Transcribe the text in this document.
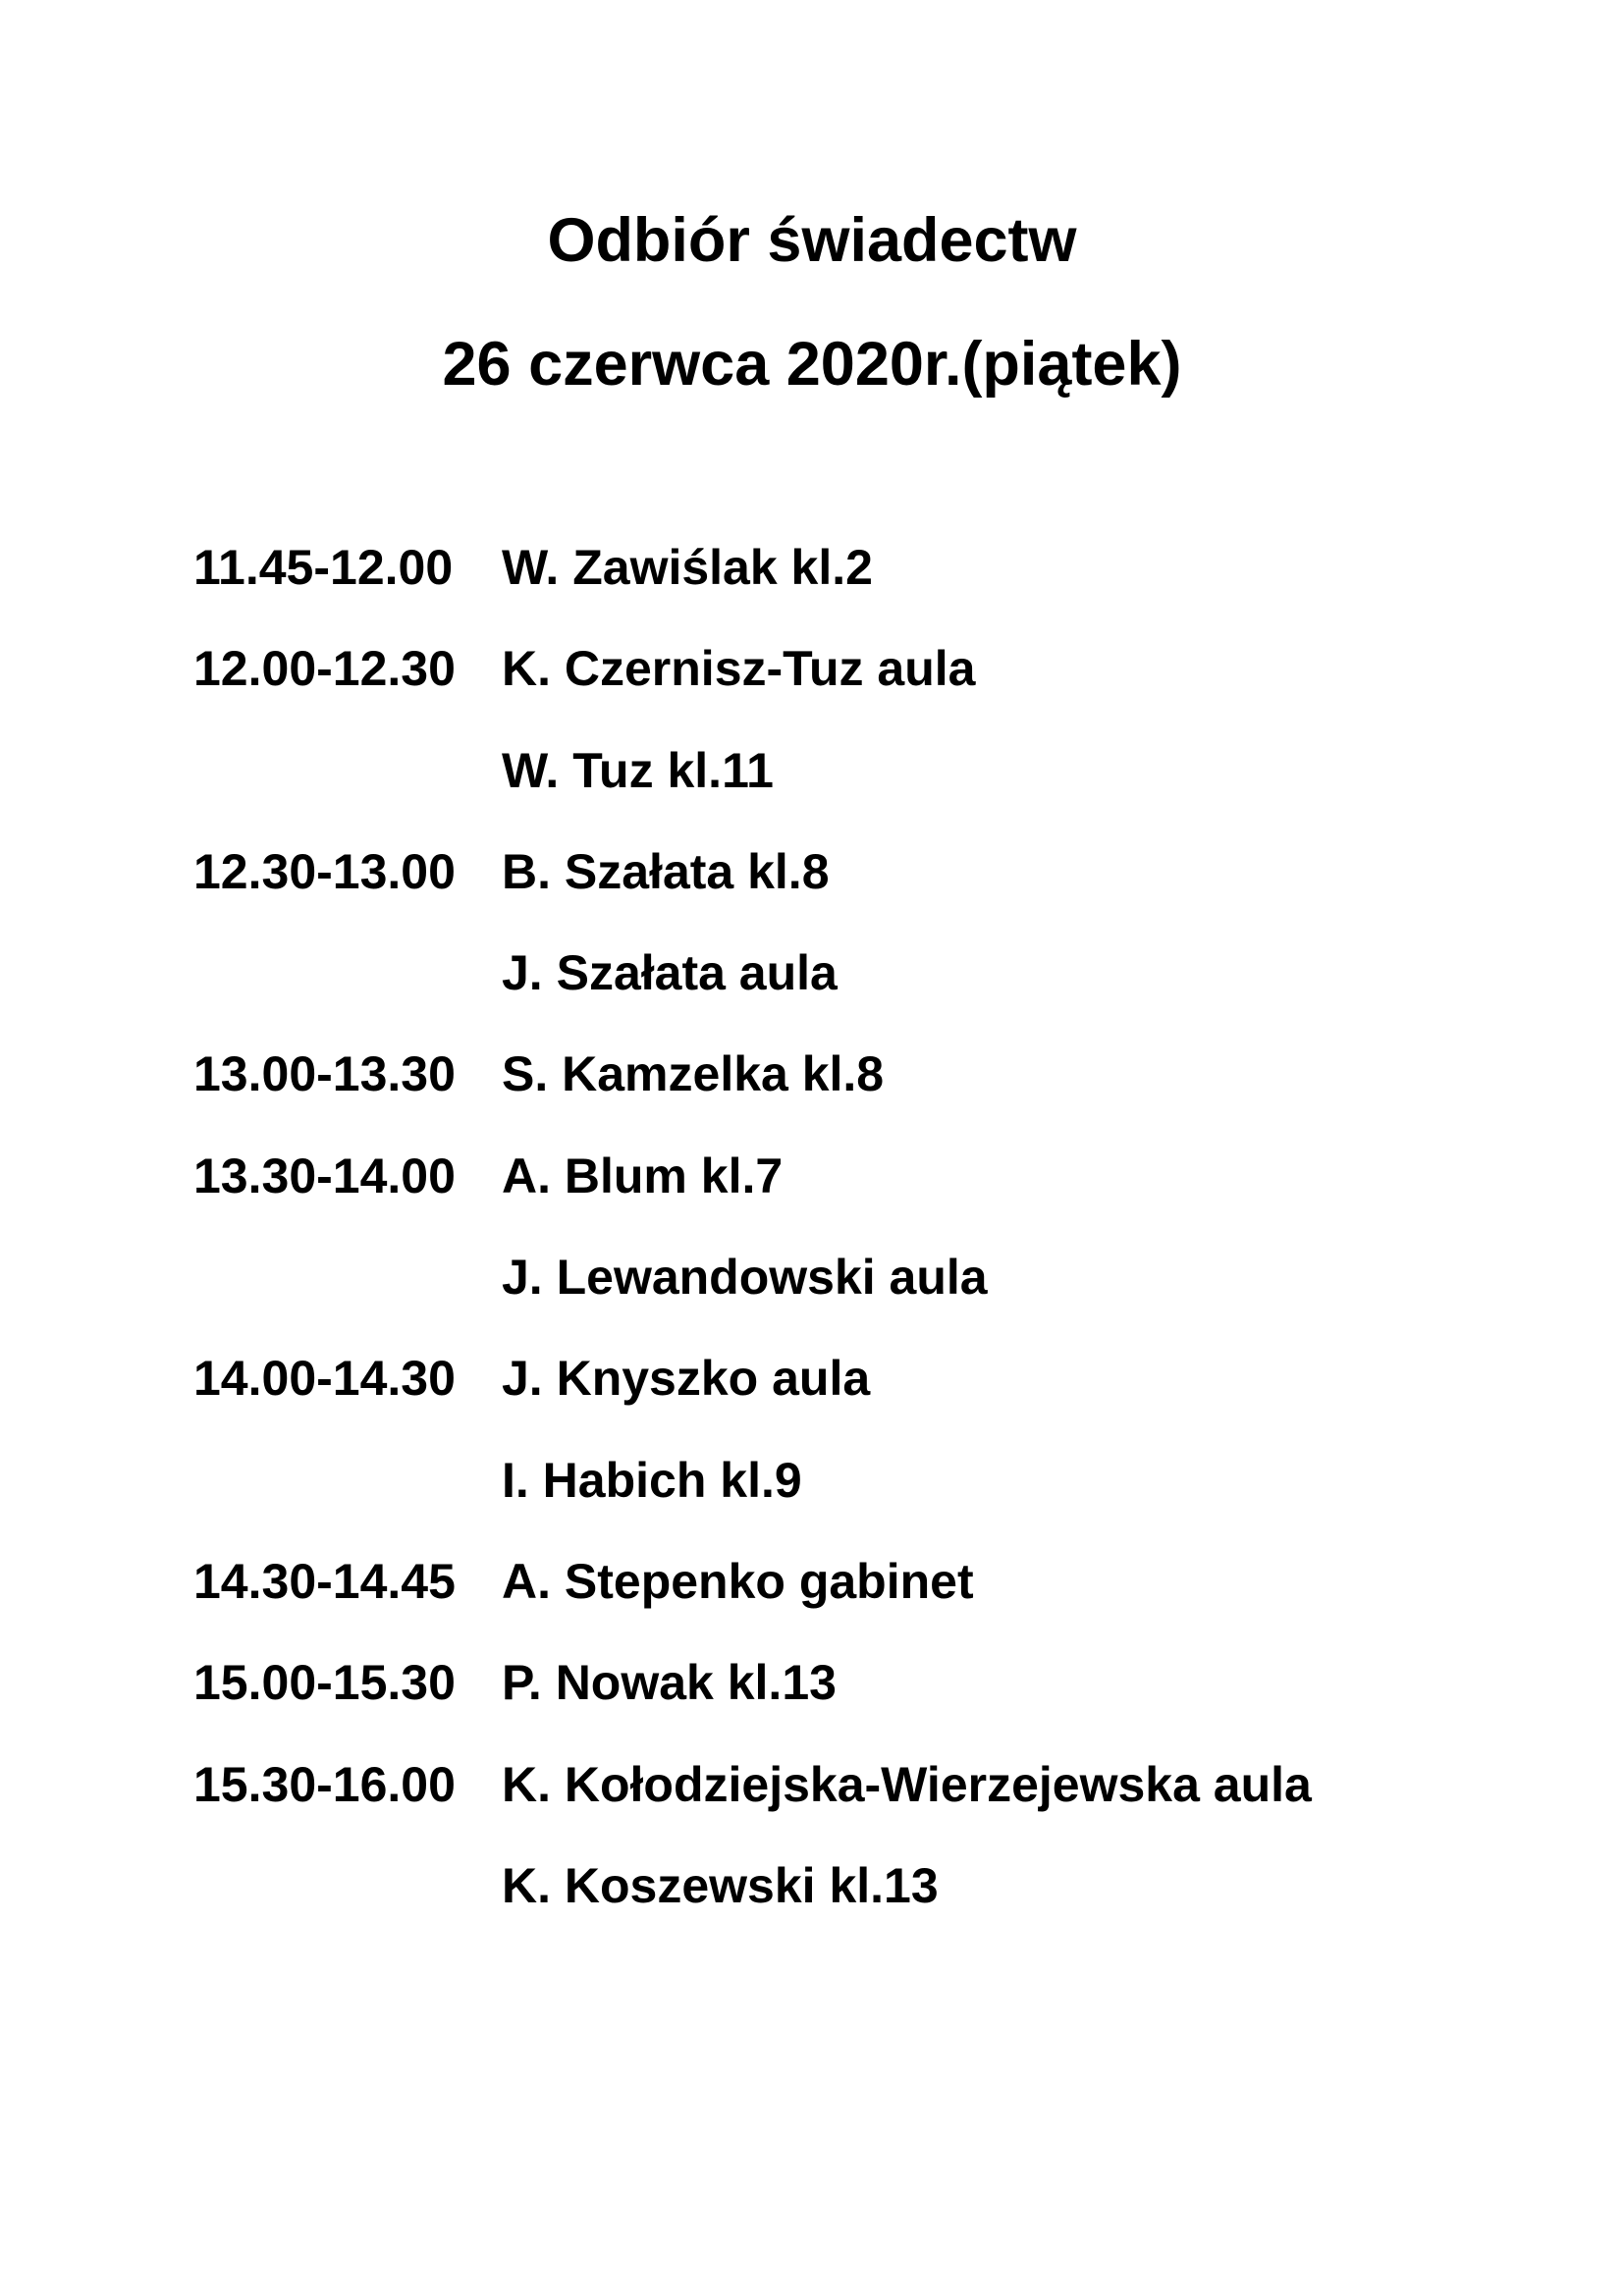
Odbiór świadectw
26 czerwca 2020r.(piątek)
11.45-12.00 W. Zawiślak kl.2
12.00-12.30 K. Czernisz-Tuz aula
W. Tuz kl.11
12.30-13.00 B. Szałata kl.8
J. Szałata aula
13.00-13.30 S. Kamzelka kl.8
13.30-14.00 A. Blum kl.7
J. Lewandowski aula
14.00-14.30 J. Knyszko aula
I. Habich kl.9
14.30-14.45 A. Stepenko gabinet
15.00-15.30 P. Nowak kl.13
15.30-16.00 K. Kołodziejska-Wierzejewska aula
K. Koszewski kl.13
